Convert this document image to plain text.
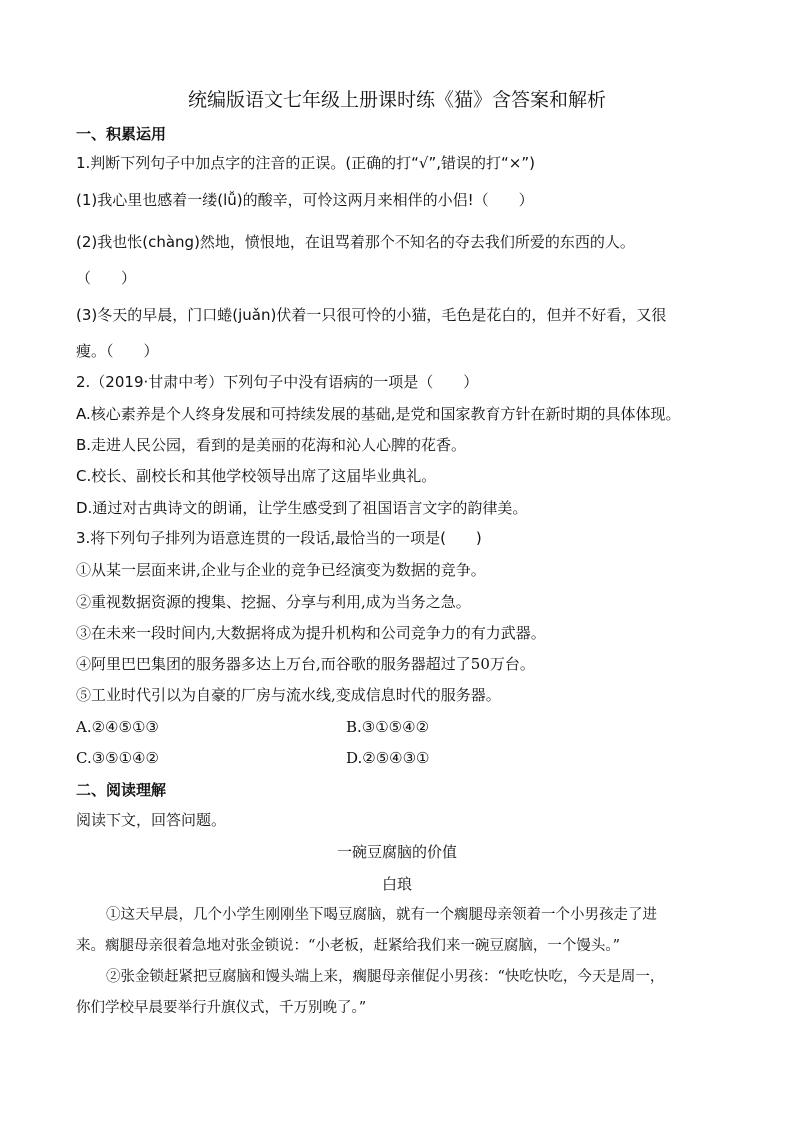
统编版语文七年级上册课时练《猫》含答案和解析
一、积累运用
1.判断下列句子中加点字的注音的正误。(正确的打“√”,错误的打“×”)
(1)我心里也感着一缕(lǚ)的酸辛，可怜这两月来相伴的小侣!（　　）
(2)我也怅(chàng)然地，愤恨地，在诅骂着那个不知名的夺去我们所爱的东西的人。
（　　）
(3)冬天的早晨，门口蜷(juǎn)伏着一只很可怜的小猫，毛色是花白的，但并不好看，又很
瘦。（　　）
2.（2019·甘肃中考）下列句子中没有语病的一项是（　　）
A.核心素养是个人终身发展和可持续发展的基础,是党和国家教育方针在新时期的具体体现。
B.走进人民公园，看到的是美丽的花海和沁人心脾的花香。
C.校长、副校长和其他学校领导出席了这届毕业典礼。
D.通过对古典诗文的朗诵，让学生感受到了祖国语言文字的韵律美。
3.将下列句子排列为语意连贯的一段话,最恰当的一项是(　　)
①从某一层面来讲,企业与企业的竞争已经演变为数据的竞争。
②重视数据资源的搜集、挖掘、分享与利用,成为当务之急。
③在未来一段时间内,大数据将成为提升机构和公司竞争力的有力武器。
④阿里巴巴集团的服务器多达上万台,而谷歌的服务器超过了50万台。
⑤工业时代引以为自豪的厂房与流水线,变成信息时代的服务器。
A.②④⑤①③	B.③①⑤④②
C.③⑤①④②	D.②⑤④③①
二、阅读理解
阅读下文，回答问题。
一碗豆腐脑的价值
白琅
①这天早晨，几个小学生刚刚坐下喝豆腐脑，就有一个瘸腿母亲领着一个小男孩走了进
来。瘸腿母亲很着急地对张金锁说：“小老板，赶紧给我们来一碗豆腐脑，一个馒头。”
②张金锁赶紧把豆腐脑和馒头端上来，瘸腿母亲催促小男孩：“快吃快吃，今天是周一，
你们学校早晨要举行升旗仪式，千万别晚了。”
